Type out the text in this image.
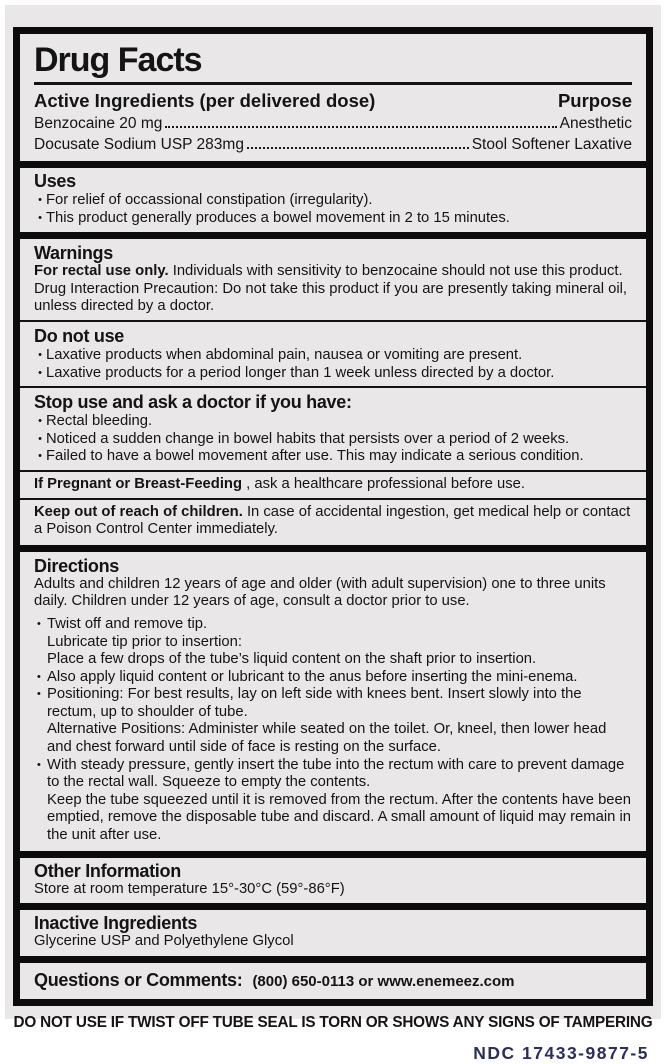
Drug Facts
Active Ingredients (per delivered dose)	Purpose
Benzocaine 20 mg	Anesthetic
Docusate Sodium USP 283mg	Stool Softener Laxative
Uses
• For relief of occassional constipation (irregularity).
• This product generally produces a bowel movement in 2 to 15 minutes.
Warnings
For rectal use only. Individuals with sensitivity to benzocaine should not use this product. Drug Interaction Precaution: Do not take this product if you are presently taking mineral oil, unless directed by a doctor.
Do not use
• Laxative products when abdominal pain, nausea or vomiting are present.
• Laxative products for a period longer than 1 week unless directed by a doctor.
Stop use and ask a doctor if you have:
• Rectal bleeding.
• Noticed a sudden change in bowel habits that persists over a period of 2 weeks.
• Failed to have a bowel movement after use. This may indicate a serious condition.
If Pregnant or Breast-Feeding , ask a healthcare professional before use.
Keep out of reach of children. In case of accidental ingestion, get medical help or contact a Poison Control Center immediately.
Directions
Adults and children 12 years of age and older (with adult supervision) one to three units daily. Children under 12 years of age, consult a doctor prior to use.
• Twist off and remove tip.
Lubricate tip prior to insertion:
Place a few drops of the tube’s liquid content on the shaft prior to insertion.
• Also apply liquid content or lubricant to the anus before inserting the mini-enema.
• Positioning: For best results, lay on left side with knees bent. Insert slowly into the rectum, up to shoulder of tube.
Alternative Positions: Administer while seated on the toilet. Or, kneel, then lower head and chest forward until side of face is resting on the surface.
• With steady pressure, gently insert the tube into the rectum with care to prevent damage to the rectal wall. Squeeze to empty the contents.
Keep the tube squeezed until it is removed from the rectum. After the contents have been emptied, remove the disposable tube and discard. A small amount of liquid may remain in the unit after use.
Other Information
Store at room temperature 15°-30°C (59°-86°F)
Inactive Ingredients
Glycerine USP and Polyethylene Glycol
Questions or Comments: (800) 650-0113 or www.enemeez.com
DO NOT USE IF TWIST OFF TUBE SEAL IS TORN OR SHOWS ANY SIGNS OF TAMPERING
NDC 17433-9877-5
